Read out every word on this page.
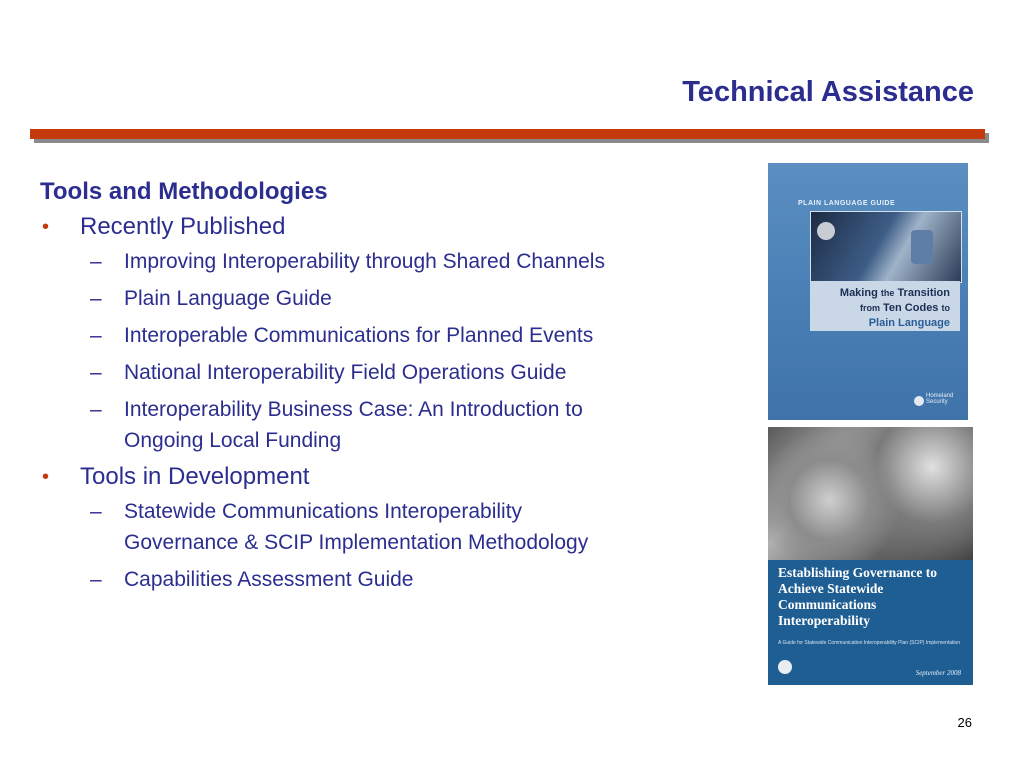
Technical Assistance
Tools and Methodologies
• Recently Published
– Improving Interoperability through Shared Channels
– Plain Language Guide
– Interoperable Communications for Planned Events
– National Interoperability Field Operations Guide
– Interoperability Business Case: An Introduction to Ongoing Local Funding
• Tools in Development
– Statewide Communications Interoperability Governance & SCIP Implementation Methodology
– Capabilities Assessment Guide
PLAIN LANGUAGE GUIDE
Making the Transition
from Ten Codes to
Plain Language
Homeland
Security
Establishing Governance to Achieve Statewide Communications Interoperability
A Guide for Statewide Communication Interoperability Plan (SCIP) Implementation
September 2008
26
